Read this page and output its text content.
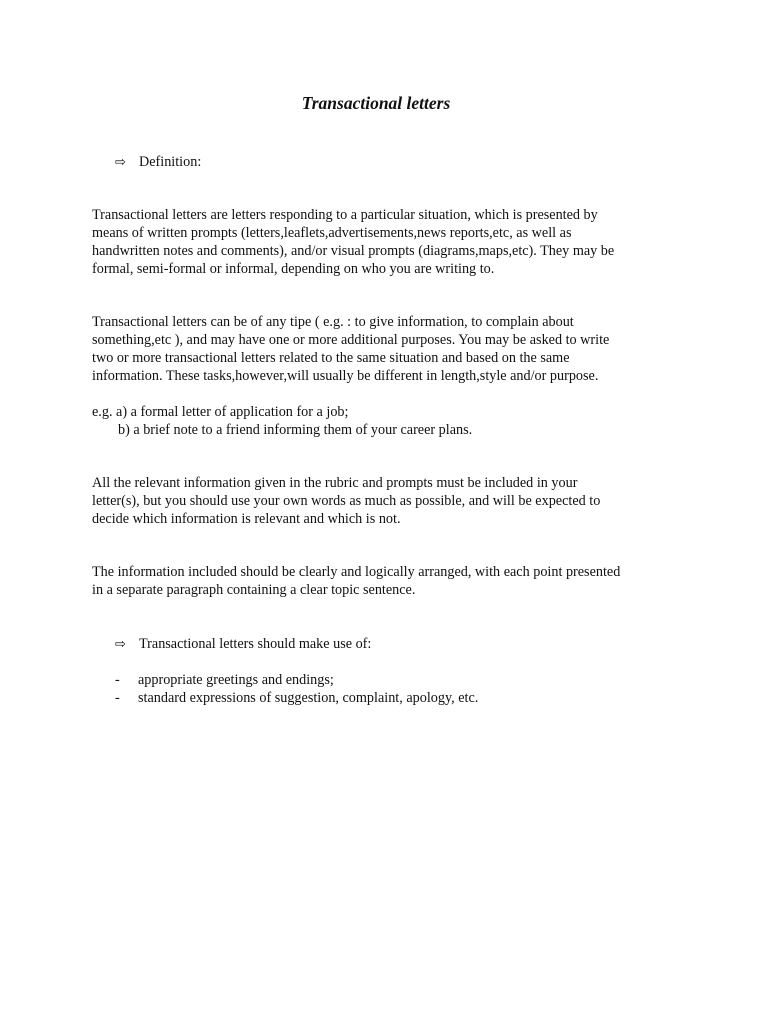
Transactional letters
⇨ Definition:

Transactional letters are letters responding to a particular situation, which is presented by
means of written prompts (letters,leaflets,advertisements,news reports,etc, as well as
handwritten notes and comments), and/or visual prompts (diagrams,maps,etc). They may be
formal, semi-formal or informal, depending on who you are writing to.

Transactional letters can be of any tipe ( e.g. : to give information, to complain about
something,etc ), and may have one or more additional purposes. You may be asked to write
two or more transactional letters related to the same situation and based on the same
information. These tasks,however,will usually be different in length,style and/or purpose.

e.g. a) a formal letter of application for a job;
b) a brief note to a friend informing them of your career plans.

All the relevant information given in the rubric and prompts must be included in your
letter(s), but you should use your own words as much as possible, and will be expected to
decide which information is relevant and which is not.

The information included should be clearly and logically arranged, with each point presented
in a separate paragraph containing a clear topic sentence.

⇨ Transactional letters should make use of:
- appropriate greetings and endings;
- standard expressions of suggestion, complaint, apology, etc.
